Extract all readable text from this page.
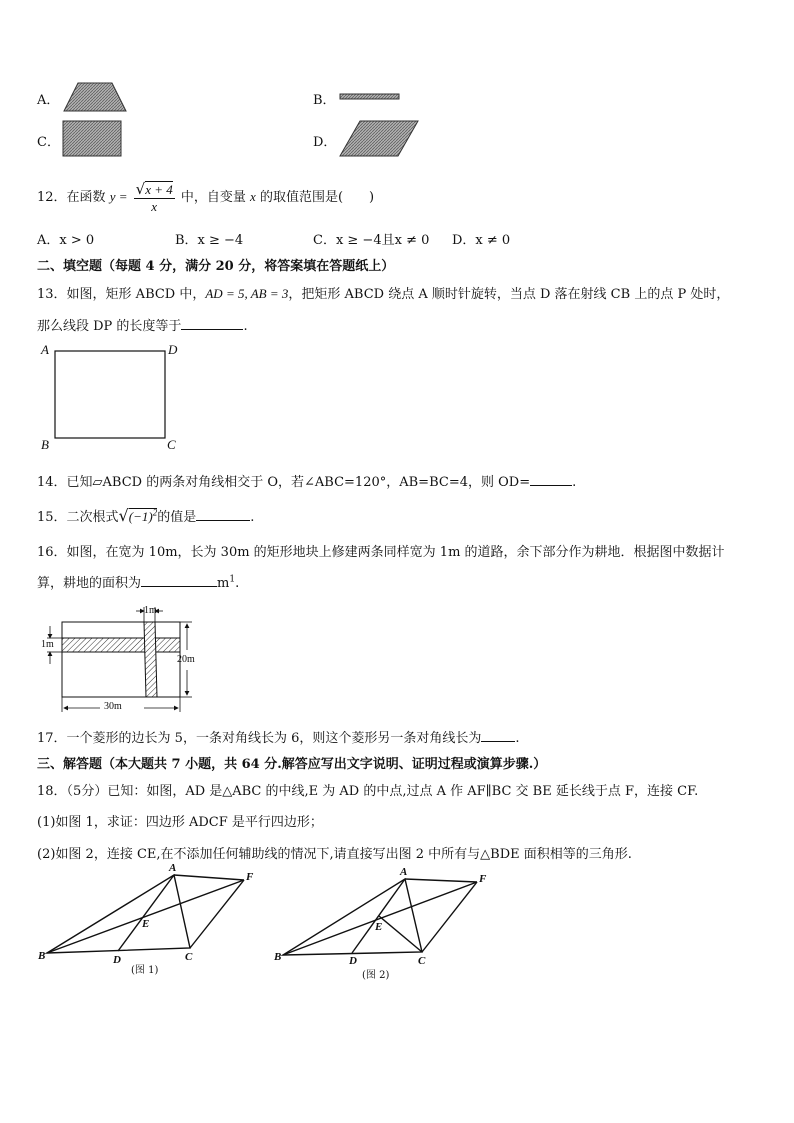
A．	B．
C．	D．
12．在函数 $y = \frac{√x + 4}{x}$ 中，自变量 x 的取值范围是(　　)
A．x > 0	B．x ≥ −4	C．x ≥ −4且x ≠ 0 D．x ≠ 0
二、填空题（每题 4 分，满分 20 分，将答案填在答题纸上）
13．如图，矩形 ABCD 中，AD = 5, AB = 3，把矩形 ABCD 绕点 A 顺时针旋转，当点 D 落在射线 CB 上的点 P 处时，
那么线段 DP 的长度等于	.
A	D
B	C
14．已知▱ABCD 的两条对角线相交于 O，若∠ABC=120°，AB=BC=4，则 OD=	.
15．二次根式$√(-1)^2$的值是	.
16．如图，在宽为 10m，长为 30m 的矩形地块上修建两条同样宽为 1m 的道路，余下部分作为耕地．根据图中数据计
算，耕地的面积为	$m^1$.
1m
1m
20m
30m
17．一个菱形的边长为 5，一条对角线长为 6，则这个菱形另一条对角线长为	.
三、解答题（本大题共 7 小题，共 64 分.解答应写出文字说明、证明过程或演算步骤.）
18．（5分）已知：如图，AD 是△ABC 的中线,E 为 AD 的中点,过点 A 作 AF∥BC 交 BE 延长线于点 F，连接 CF.
(1)如图 1，求证：四边形 ADCF 是平行四边形；
(2)如图 2，连接 CE,在不添加任何辅助线的情况下,请直接写出图 2 中所有与△BDE 面积相等的三角形.
A
F
E
B	D	C
(图 1)
A
F
E
B	D	C
(图 2)
